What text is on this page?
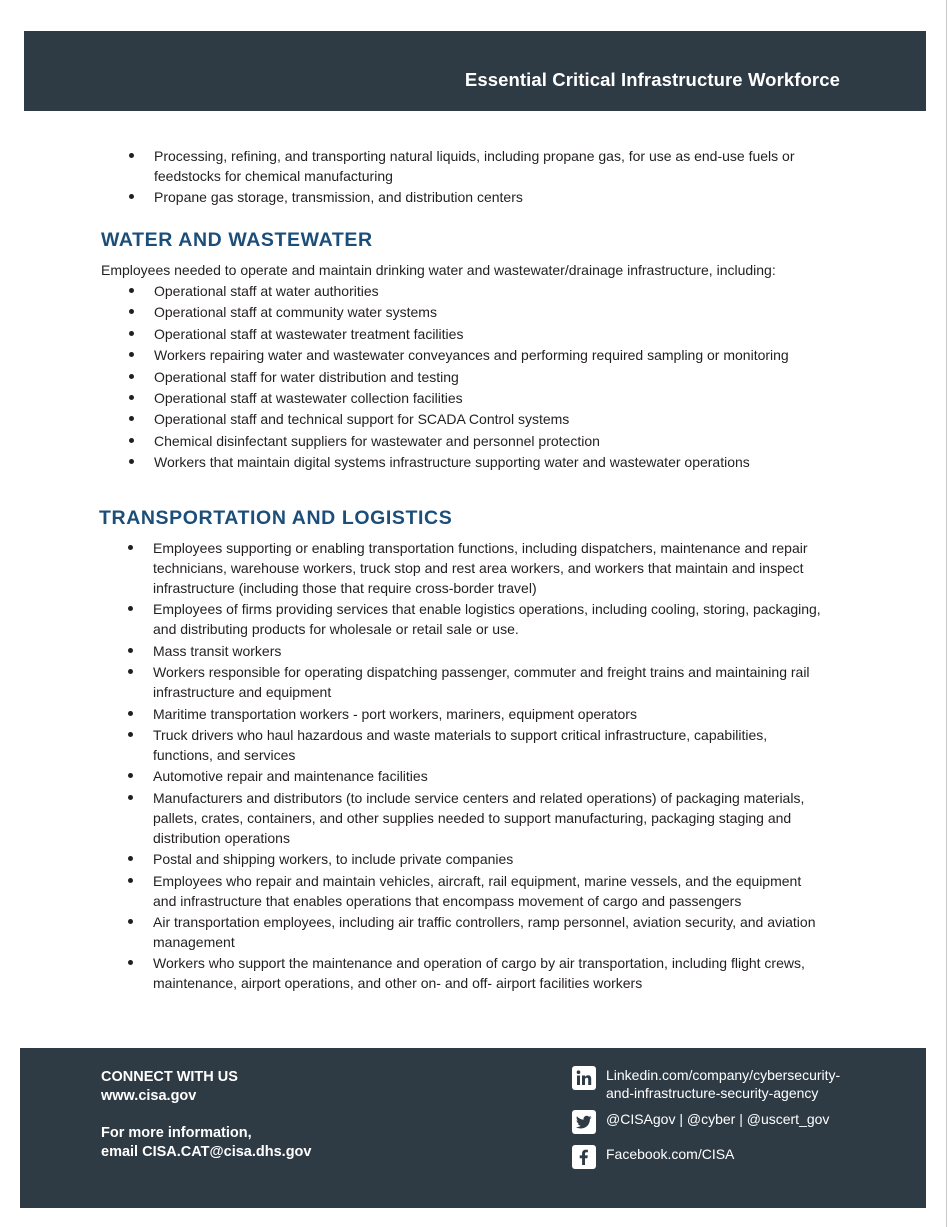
Essential Critical Infrastructure Workforce
Processing, refining, and transporting natural liquids, including propane gas, for use as end-use fuels or feedstocks for chemical manufacturing
Propane gas storage, transmission, and distribution centers
WATER AND WASTEWATER

Employees needed to operate and maintain drinking water and wastewater/drainage infrastructure, including:

Operational staff at water authorities
Operational staff at community water systems
Operational staff at wastewater treatment facilities
Workers repairing water and wastewater conveyances and performing required sampling or monitoring
Operational staff for water distribution and testing
Operational staff at wastewater collection facilities
Operational staff and technical support for SCADA Control systems
Chemical disinfectant suppliers for wastewater and personnel protection
Workers that maintain digital systems infrastructure supporting water and wastewater operations
TRANSPORTATION AND LOGISTICS
Employees supporting or enabling transportation functions, including dispatchers, maintenance and repair technicians, warehouse workers, truck stop and rest area workers, and workers that maintain and inspect infrastructure (including those that require cross-border travel)
Employees of firms providing services that enable logistics operations, including cooling, storing, packaging, and distributing products for wholesale or retail sale or use.
Mass transit workers
Workers responsible for operating dispatching passenger, commuter and freight trains and maintaining rail infrastructure and equipment
Maritime transportation workers - port workers, mariners, equipment operators
Truck drivers who haul hazardous and waste materials to support critical infrastructure, capabilities, functions, and services
Automotive repair and maintenance facilities
Manufacturers and distributors (to include service centers and related operations) of packaging materials, pallets, crates, containers, and other supplies needed to support manufacturing, packaging staging and distribution operations
Postal and shipping workers, to include private companies
Employees who repair and maintain vehicles, aircraft, rail equipment, marine vessels, and the equipment and infrastructure that enables operations that encompass movement of cargo and passengers
Air transportation employees, including air traffic controllers, ramp personnel, aviation security, and aviation management
Workers who support the maintenance and operation of cargo by air transportation, including flight crews, maintenance, airport operations, and other on- and off- airport facilities workers
CONNECT WITH US
www.cisa.gov
For more information,
email CISA.CAT@cisa.dhs.gov
Linkedin.com/company/cybersecurity-and-infrastructure-security-agency
@CISAgov | @cyber | @uscert_gov
Facebook.com/CISA
